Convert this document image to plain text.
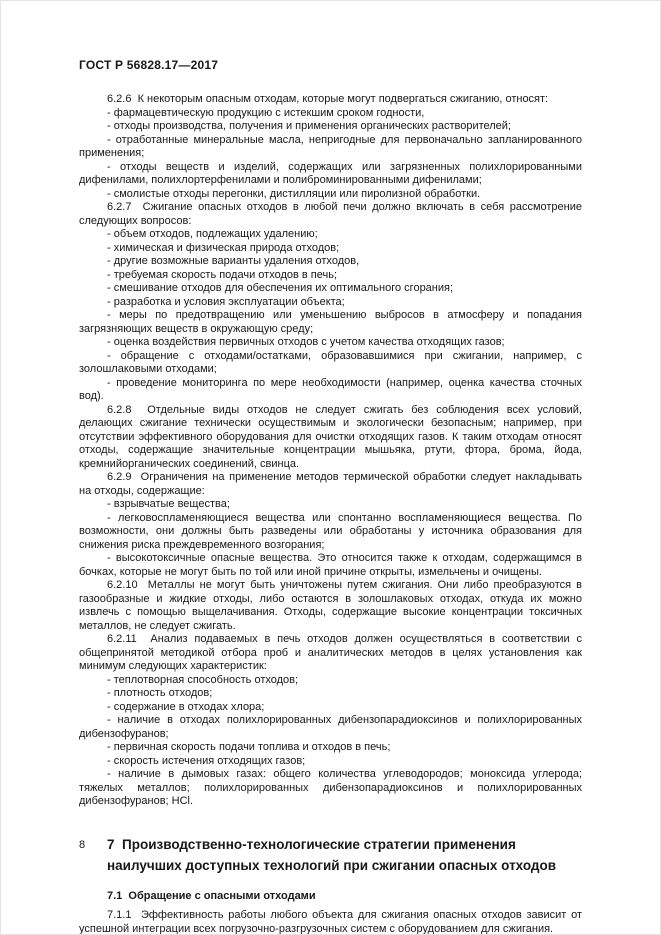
ГОСТ Р 56828.17—2017

6.2.6  К некоторым опасным отходам, которые могут подвергаться сжиганию, относят:
- фармацевтическую продукцию с истекшим сроком годности,
- отходы производства, получения и применения органических растворителей;
- отработанные минеральные масла, непригодные для первоначально запланированного применения;
- отходы веществ и изделий, содержащих или загрязненных полихлорированными дифенилами, полихлортерфенилами и полиброминированными дифенилами;
- смолистые отходы перегонки, дистилляции или пиролизной обработки.
6.2.7  Сжигание опасных отходов в любой печи должно включать в себя рассмотрение следующих вопросов:
- объем отходов, подлежащих удалению;
- химическая и физическая природа отходов;
- другие возможные варианты удаления отходов,
- требуемая скорость подачи отходов в печь;
- смешивание отходов для обеспечения их оптимального сгорания;
- разработка и условия эксплуатации объекта;
- меры по предотвращению или уменьшению выбросов в атмосферу и попадания загрязняющих веществ в окружающую среду;
- оценка воздействия первичных отходов с учетом качества отходящих газов;
- обращение с отходами/остатками, образовавшимися при сжигании, например, с золошлаковыми отходами;
- проведение мониторинга по мере необходимости (например, оценка качества сточных вод).
6.2.8  Отдельные виды отходов не следует сжигать без соблюдения всех условий, делающих сжигание технически осуществимым и экологически безопасным; например, при отсутствии эффективного оборудования для очистки отходящих газов. К таким отходам относят отходы, содержащие значительные концентрации мышьяка, ртути, фтора, брома, йода, кремнийорганических соединений, свинца.
6.2.9  Ограничения на применение методов термической обработки следует накладывать на отходы, содержащие:
- взрывчатые вещества;
- легковоспламеняющиеся вещества или спонтанно воспламеняющиеся вещества. По возможности, они должны быть разведены или обработаны у источника образования для снижения риска преждевременного возгорания;
- высокотоксичные опасные вещества. Это относится также к отходам, содержащимся в бочках, которые не могут быть по той или иной причине открыты, измельчены и очищены.
6.2.10  Металлы не могут быть уничтожены путем сжигания. Они либо преобразуются в газообразные и жидкие отходы, либо остаются в золошлаковых отходах, откуда их можно извлечь с помощью выщелачивания. Отходы, содержащие высокие концентрации токсичных металлов, не следует сжигать.
6.2.11  Анализ подаваемых в печь отходов должен осуществляться в соответствии с общепринятой методикой отбора проб и аналитических методов в целях установления как минимум следующих характеристик:
- теплотворная способность отходов;
- плотность отходов;
- содержание в отходах хлора;
- наличие в отходах полихлорированных дибензопарадиоксинов и полихлорированных дибензофуранов;
- первичная скорость подачи топлива и отходов в печь;
- скорость истечения отходящих газов;
- наличие в дымовых газах: общего количества углеводородов; моноксида углерода; тяжелых металлов; полихлорированных дибензопарадиоксинов и полихлорированных дибензофуранов; HCl.
7  Производственно-технологические стратегии применения наилучших доступных технологий при сжигании опасных отходов
7.1  Обращение с опасными отходами
7.1.1  Эффективность работы любого объекта для сжигания опасных отходов зависит от успешной интеграции всех погрузочно-разгрузочных систем с оборудованием для сжигания.
8
